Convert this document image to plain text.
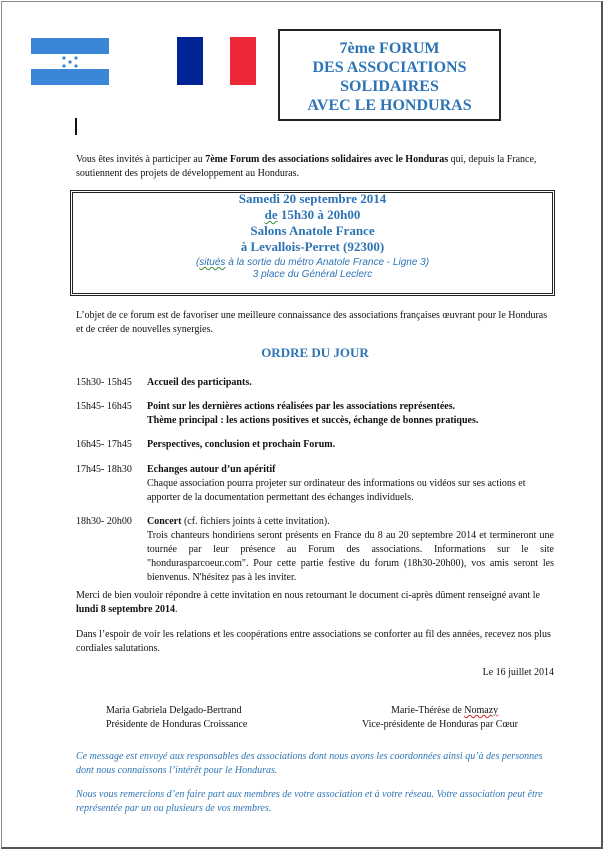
7ème FORUM
DES ASSOCIATIONS
SOLIDAIRES
AVEC LE HONDURAS
Vous êtes invités à participer au 7ème Forum des associations solidaires avec le Honduras qui, depuis la France, soutiennent des projets de développement au Honduras.
Samedi 20 septembre 2014
de 15h30 à 20h00
Salons Anatole France
à Levallois-Perret (92300)
(situés à la sortie du métro Anatole France - Ligne 3)
3 place du Général Leclerc
L’objet de ce forum est de favoriser une meilleure connaissance des associations françaises œuvrant pour le Honduras et de créer de nouvelles synergies.
ORDRE DU JOUR
15h30- 15h45 Accueil des participants.
15h45- 16h45 Point sur les dernières actions réalisées par les associations représentées.
Thème principal : les actions positives et succès, échange de bonnes pratiques.
16h45- 17h45 Perspectives, conclusion et prochain Forum.
17h45- 18h30 Echanges autour d’un apéritif
Chaque association pourra projeter sur ordinateur des informations ou vidéos sur ses actions et apporter de la documentation permettant des échanges individuels.
18h30- 20h00 Concert (cf. fichiers joints à cette invitation).
Trois chanteurs hondiriens seront présents en France du 8 au 20 septembre 2014 et termineront une tournée par leur présence au Forum des associations. Informations sur le site "hondurasparcoeur.com". Pour cette partie festive du forum (18h30-20h00), vos amis seront les bienvenus. N'hésitez pas à les inviter.
Merci de bien vouloir répondre à cette invitation en nous retournant le document ci-après dûment renseigné avant le lundi 8 septembre 2014.
Dans l’espoir de voir les relations et les coopérations entre associations se conforter au fil des années, recevez nos plus cordiales salutations.
Le 16 juillet 2014
Maria Gabriela Delgado-Bertrand
Présidente de Honduras Croissance
Marie-Thérèse de Nomazy
Vice-présidente de Honduras par Cœur
Ce message est envoyé aux responsables des associations dont nous avons les coordonnées ainsi qu’à des personnes dont nous connaissons l’intérêt pour le Honduras.
Nous vous remercions d’en faire part aux membres de votre association et à votre réseau. Votre association peut être représentée par un ou plusieurs de vos membres.
